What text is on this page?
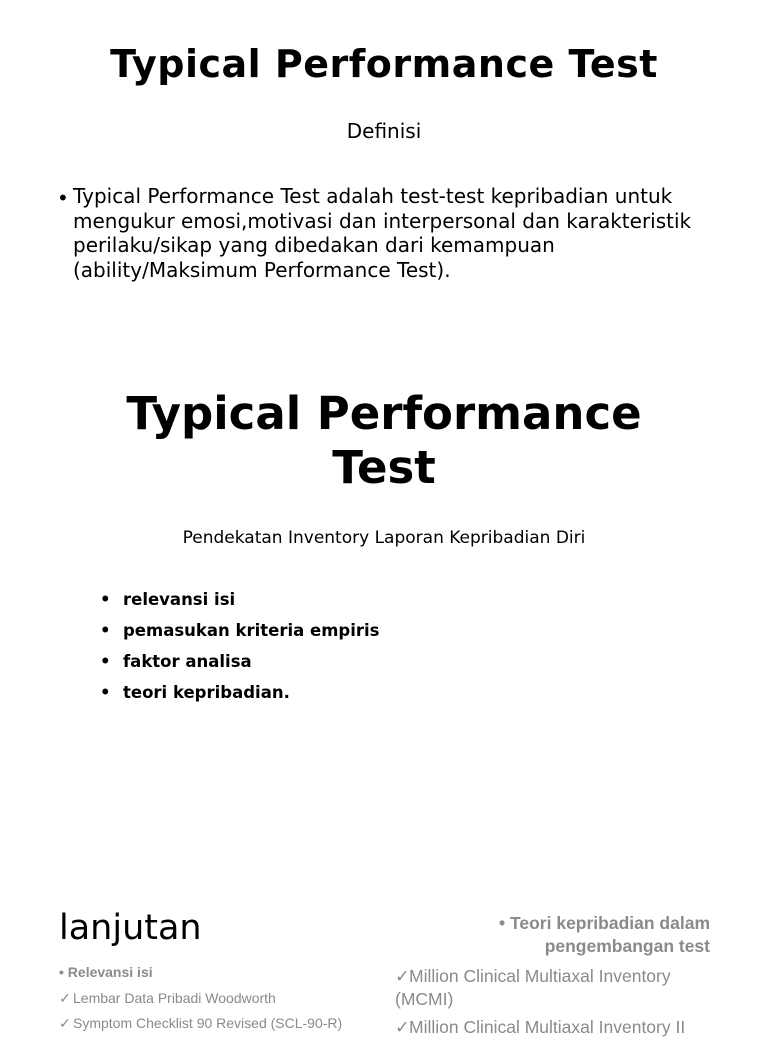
Typical Performance Test
Definisi
• Typical Performance Test adalah test-test kepribadian untuk mengukur emosi,motivasi dan interpersonal dan karakteristik perilaku/sikap yang dibedakan dari kemampuan (ability/Maksimum Performance Test).
Typical Performance
Test
Pendekatan Inventory Laporan Kepribadian Diri
• relevansi isi
• pemasukan kriteria empiris
• faktor analisa
• teori kepribadian.
lanjutan
• Relevansi isi
✓ Lembar Data Pribadi Woodworth
✓ Symptom Checklist 90 Revised (SCL-90-R)
• Teori kepribadian dalam pengembangan test
✓Million Clinical Multiaxal Inventory (MCMI)
✓Million Clinical Multiaxal Inventory II
